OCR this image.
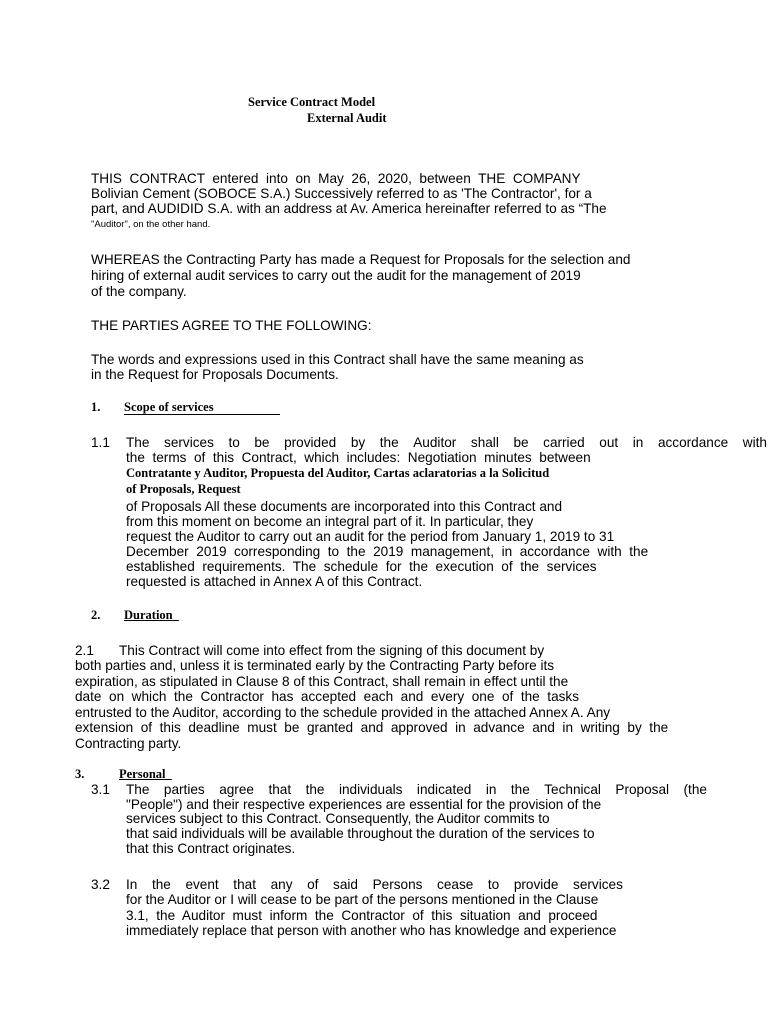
Service Contract Model
External Audit
THIS  CONTRACT  entered  into  on  May  26,  2020,  between  THE  COMPANY
Bolivian Cement (SOBOCE S.A.) Successively referred to as 'The Contractor', for a
part, and AUDIDID S.A. with an address at Av. America hereinafter referred to as “The
"Auditor", on the other hand.
WHEREAS the Contracting Party has made a Request for Proposals for the selection and
hiring of external audit services to carry out the audit for the management of 2019
of the company.
THE PARTIES AGREE TO THE FOLLOWING:
The words and expressions used in this Contract shall have the same meaning as
in the Request for Proposals Documents.
1. Scope of services
1.1 The services to be provided by the Auditor shall be carried out in accordance with
the  terms  of  this  Contract,  which  includes:  Negotiation  minutes  between
Contratante y Auditor, Propuesta del Auditor, Cartas aclaratorias a la Solicitud
of Proposals, Request
of Proposals All these documents are incorporated into this Contract and
from this moment on become an integral part of it. In particular, they
request the Auditor to carry out an audit for the period from January 1, 2019 to 31
December  2019  corresponding  to  the  2019  management,  in  accordance  with  the
established  requirements.  The  schedule  for  the  execution  of  the  services
requested is attached in Annex A of this Contract.
2. Duration
2.1 This Contract will come into effect from the signing of this document by
both parties and, unless it is terminated early by the Contracting Party before its
expiration, as stipulated in Clause 8 of this Contract, shall remain in effect until the
date  on  which  the  Contractor  has  accepted  each  and  every  one  of  the  tasks
entrusted to the Auditor, according to the schedule provided in the attached Annex A. Any
extension  of  this  deadline  must  be  granted  and  approved  in  advance  and  in  writing  by  the
Contracting party.
3.	Personal
3.1 The parties agree that the individuals indicated in the Technical Proposal (the
"People") and their respective experiences are essential for the provision of the
services subject to this Contract. Consequently, the Auditor commits to
that said individuals will be available throughout the duration of the services to
that this Contract originates.
3.2 In the event that any of said Persons cease to provide services
for the Auditor or I will cease to be part of the persons mentioned in the Clause
3.1,  the  Auditor  must  inform  the  Contractor  of  this  situation  and  proceed
immediately replace that person with another who has knowledge and experience
